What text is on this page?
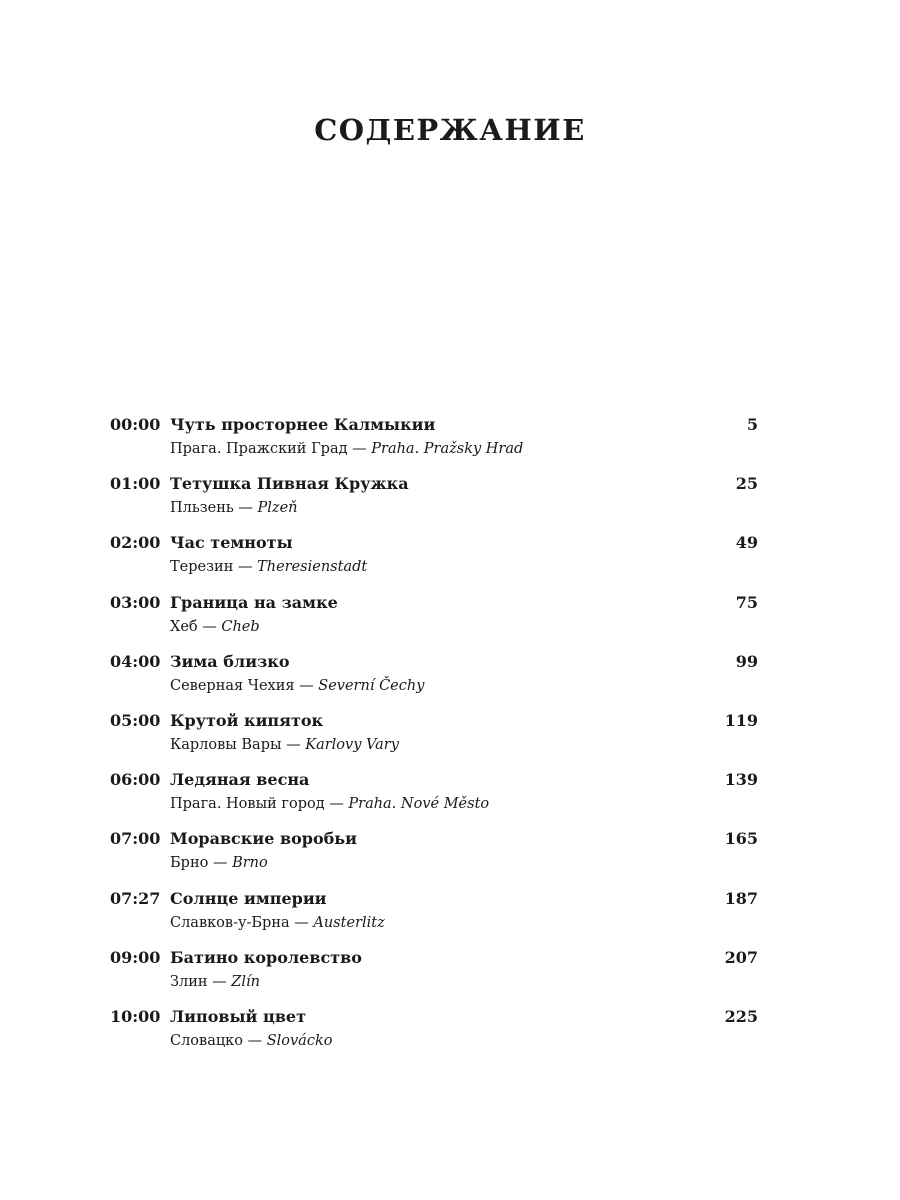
СОДЕРЖАНИЕ
00:00 Чуть просторнее Калмыкии	5
Прага. Пражский Град — Praha. Pražsky Hrad
01:00 Тетушка Пивная Кружка	25
Пльзень — Plzeň
02:00 Час темноты	49
Терезин — Theresienstadt
03:00 Граница на замке	75
Хеб — Cheb
04:00 Зима близко	99
Северная Чехия — Severní Čechy
05:00 Крутой кипяток	119
Карловы Вары — Karlovy Vary
06:00 Ледяная весна	139
Прага. Новый город — Praha. Nové Město
07:00 Моравские воробьи	165
Брно — Brno
07:27 Солнце империи	187
Славков-у-Брна — Austerlitz
09:00 Батино королевство	207
Злин — Zlín
10:00 Липовый цвет	225
Словацко — Slovácko
